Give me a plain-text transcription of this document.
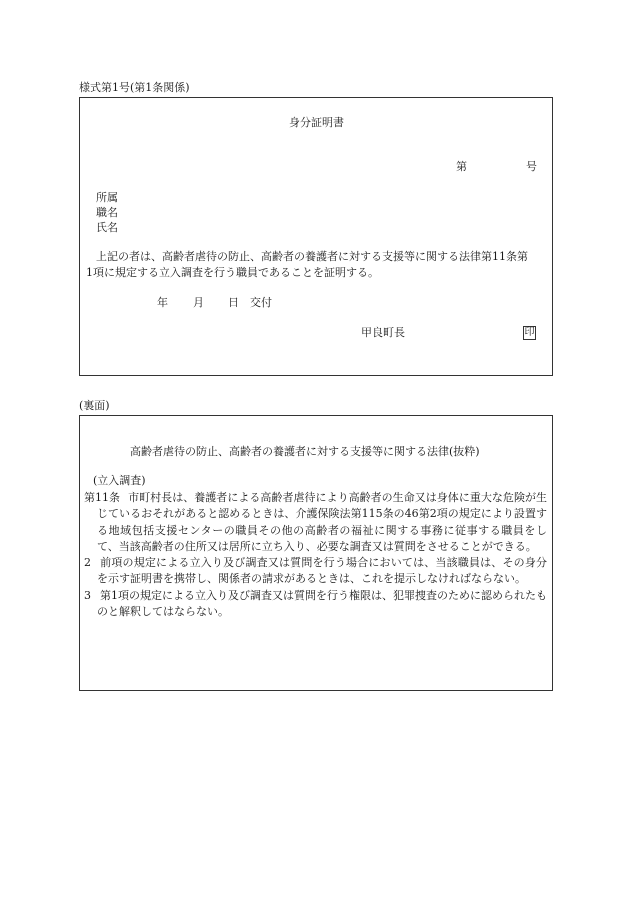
様式第1号(第1条関係)
身分証明書
第	号
所属
職名
氏名
上記の者は、高齢者虐待の防止、高齢者の養護者に対する支援等に関する法律第11条第
1項に規定する立入調査を行う職員であることを証明する。
年 月 日 交付
甲良町長	印
(裏面)
高齢者虐待の防止、高齢者の養護者に対する支援等に関する法律(抜粋)
(立入調査)

第11条 市町村長は、養護者による高齢者虐待により高齢者の生命又は身体に重大な危険が生じているおそれがあると認めるときは、介護保険法第115条の46第2項の規定により設置する地域包括支援センターの職員その他の高齢者の福祉に関する事務に従事する職員をして、当該高齢者の住所又は居所に立ち入り、必要な調査又は質問をさせることができる。

2 前項の規定による立入り及び調査又は質問を行う場合においては、当該職員は、その身分を示す証明書を携帯し、関係者の請求があるときは、これを提示しなければならない。

3 第1項の規定による立入り及び調査又は質問を行う権限は、犯罪捜査のために認められたものと解釈してはならない。
